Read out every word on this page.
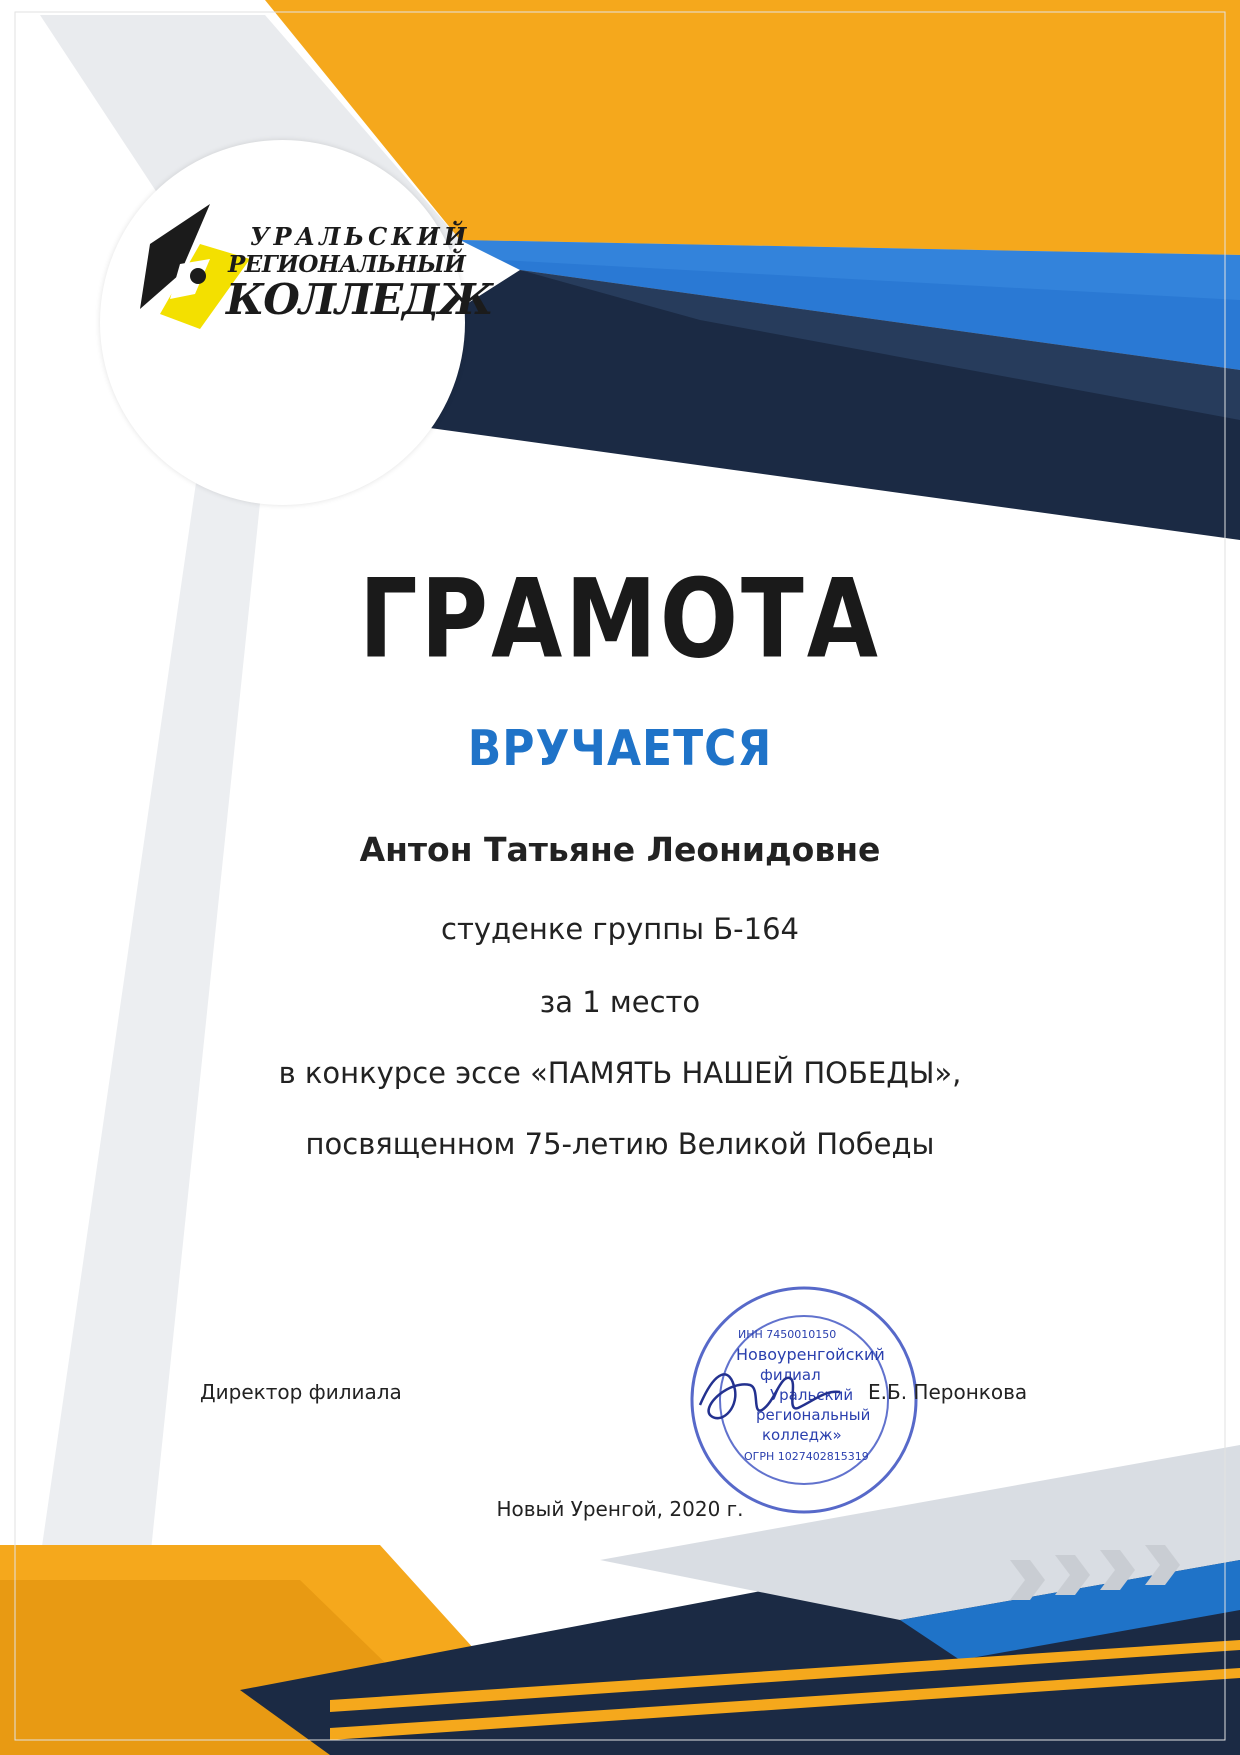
УРАЛЬСКИЙ
РЕГИОНАЛЬНЫЙ
КОЛЛЕДЖ
ГРАМОТА
ВРУЧАЕТСЯ
Антон Татьяне Леонидовне
студенке группы Б-164
за 1 место
в конкурсе эссе «ПАМЯТЬ НАШЕЙ ПОБЕДЫ»,
посвященном 75-летию Великой Победы
Директор филиала
ИНН 7450010150
Новоуренгойский
филиал
Уральский
региональный
колледж»
ОГРН 1027402815319
Е.Б. Перонкова
Новый Уренгой, 2020 г.
